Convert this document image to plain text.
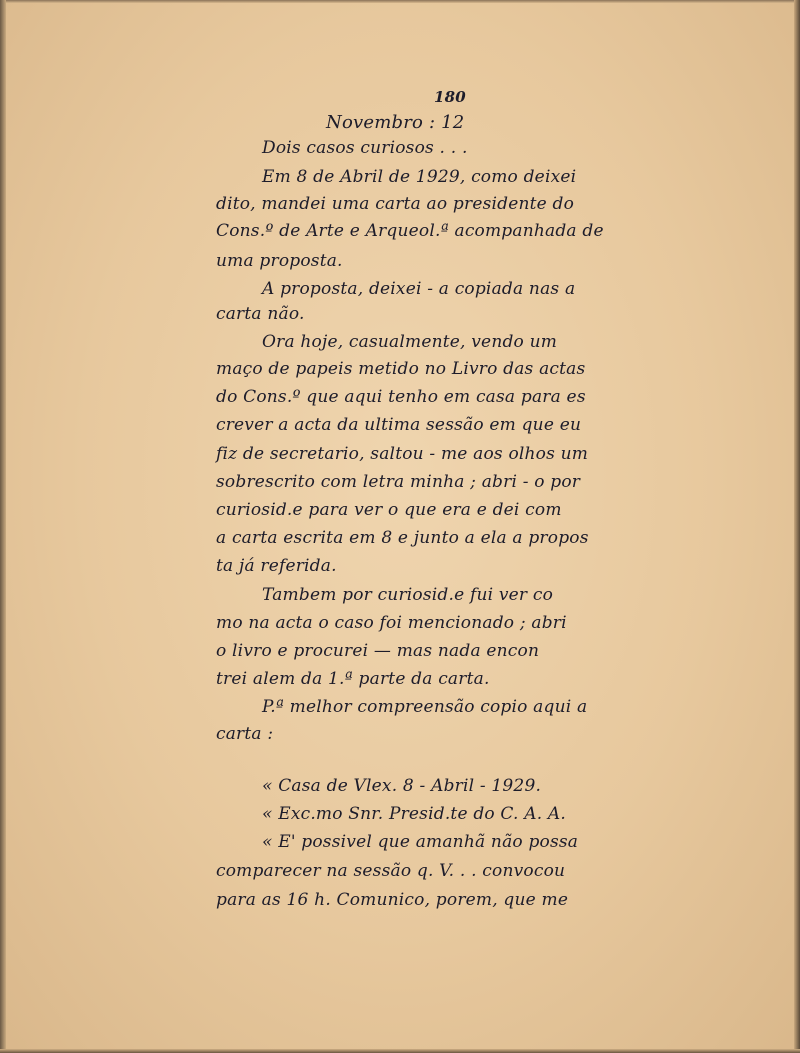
180
Novembro : 12
Dois casos curiosos . . .
Em 8 de Abril de 1929, como deixei
dito, mandei uma carta ao presidente do
Cons.º de Arte e Arqueol.ª acompanhada de
uma proposta.
A proposta, deixei - a copiada nas a
carta não.
Ora hoje, casualmente, vendo um
maço de papeis metido no Livro das actas
do Cons.º que aqui tenho em casa para es
crever a acta da ultima sessão em que eu
fiz de secretario, saltou - me aos olhos um
sobrescrito com letra minha ; abri - o por
curiosid.e para ver o que era e dei com
a carta escrita em 8 e junto a ela a propos
ta já referida.
Tambem por curiosid.e fui ver co
mo na acta o caso foi mencionado ; abri
o livro e procurei — mas nada encon
trei alem da 1.ª parte da carta.
P.ª melhor compreensão copio aqui a
carta :
« Casa de Vlex. 8 - Abril - 1929.
« Exc.mo Snr. Presid.te do C. A. A.
« E' possivel que amanhã não possa
comparecer na sessão q. V. . . convocou
para as 16 h. Comunico, porem, que me
